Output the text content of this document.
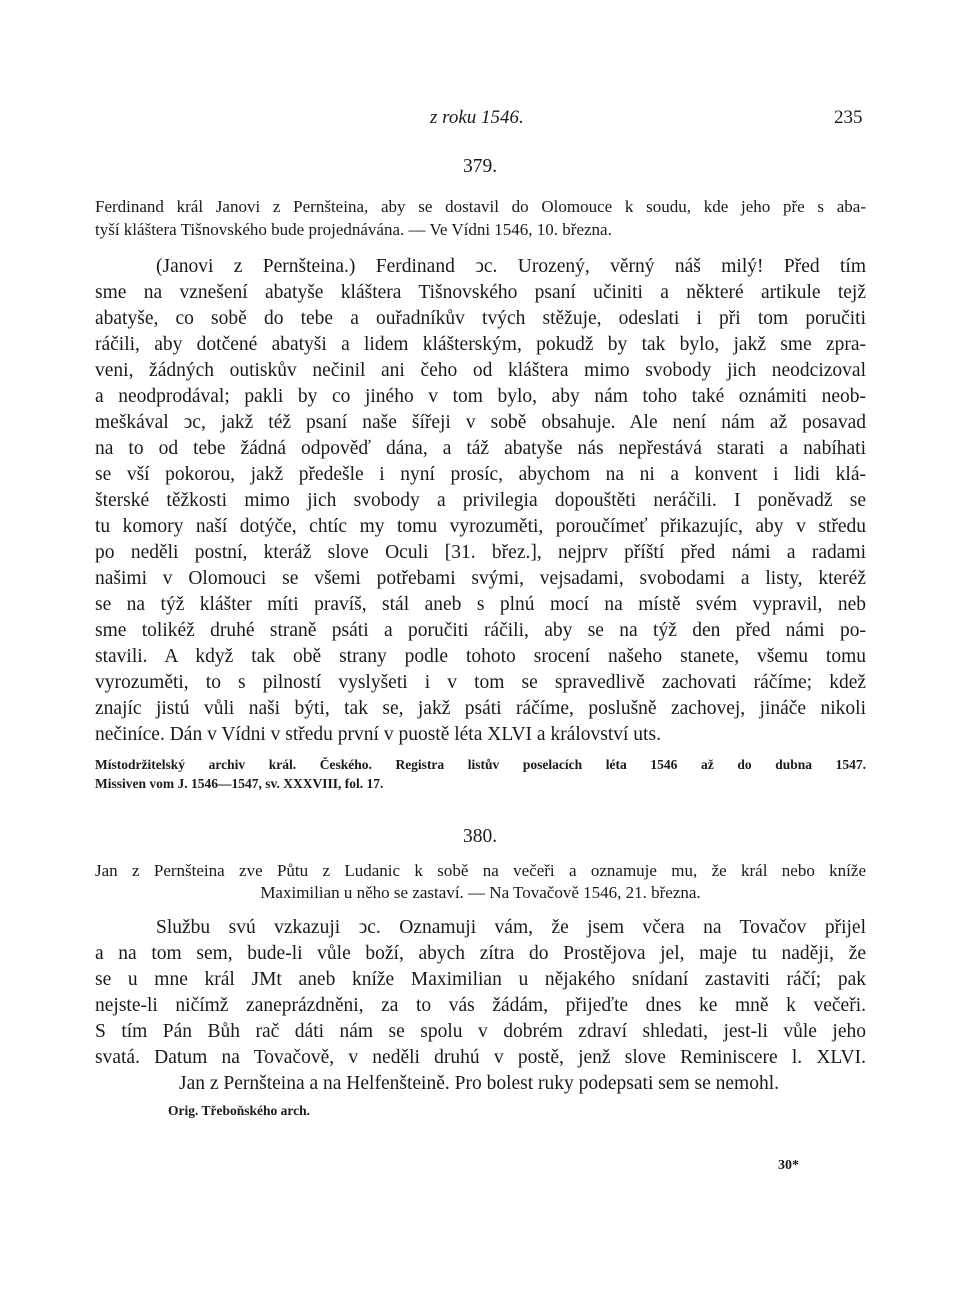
z roku 1546.	235
379.
Ferdinand král Janovi z Pernšteina, aby se dostavil do Olomouce k soudu, kde jeho pře s aba-
tyší kláštera Tišnovského bude projednávána. — Ve Vídni 1546, 10. března.
(Janovi z Pernšteina.) Ferdinand ↄc. Urozený, věrný náš milý! Před tím
sme na vznešení abatyše kláštera Tišnovského psaní učiniti a některé artikule tejž
abatyše, co sobě do tebe a ouřadníkův tvých stěžuje, odeslati i při tom poručiti
ráčili, aby dotčené abatyši a lidem klášterským, pokudž by tak bylo, jakž sme zpra-
veni, žádných outiskův nečinil ani čeho od kláštera mimo svobody jich neodcizoval
a neodprodával; pakli by co jiného v tom bylo, aby nám toho také oznámiti neob-
meškával ↄc, jakž též psaní naše šířeji v sobě obsahuje. Ale není nám až posavad
na to od tebe žádná odpověď dána, a táž abatyše nás nepřestává starati a nabíhati
se vší pokorou, jakž předešle i nyní prosíc, abychom na ni a konvent i lidi klá-
šterské těžkosti mimo jich svobody a privilegia dopouštěti neráčili. I poněvadž se
tu komory naší dotýče, chtíc my tomu vyrozuměti, poroučímeť přikazujíc, aby v středu
po neděli postní, kteráž slove Oculi [31. břez.], nejprv příští před námi a radami
našimi v Olomouci se všemi potřebami svými, vejsadami, svobodami a listy, kteréž
se na týž klášter míti pravíš, stál aneb s plnú mocí na místě svém vypravil, neb
sme tolikéž druhé straně psáti a poručiti ráčili, aby se na týž den před námi po-
stavili. A když tak obě strany podle tohoto srocení našeho stanete, všemu tomu
vyrozuměti, to s pilností vyslyšeti i v tom se spravedlivě zachovati ráčíme; kdež
znajíc jistú vůli naši býti, tak se, jakž psáti ráčíme, poslušně zachovej, jináče nikoli
nečiníce. Dán v Vídni v středu první v puostě léta XLVI a království uts.
Místodržitelský archiv král. Českého. Registra listův poselacích léta 1546 až do dubna 1547.
Missiven vom J. 1546—1547, sv. XXXVIII, fol. 17.
380.
Jan z Pernšteina zve Půtu z Ludanic k sobě na večeři a oznamuje mu, že král nebo kníže
Maximilian u něho se zastaví. — Na Tovačově 1546, 21. března.
Službu svú vzkazuji ↄc. Oznamuji vám, že jsem včera na Tovačov přijel
a na tom sem, bude-li vůle boží, abych zítra do Prostějova jel, maje tu naději, že
se u mne král JMt aneb kníže Maximilian u nějakého snídaní zastaviti ráčí; pak
nejste-li ničímž zaneprázdněni, za to vás žádám, přijeďte dnes ke mně k večeři.
S tím Pán Bůh rač dáti nám se spolu v dobrém zdraví shledati, jest-li vůle jeho
svatá. Datum na Tovačově, v neděli druhú v postě, jenž slove Reminiscere l. XLVI.
Jan z Pernšteina a na Helfenšteině. Pro bolest ruky podepsati sem se nemohl.
Orig. Třeboňského arch.
30*
